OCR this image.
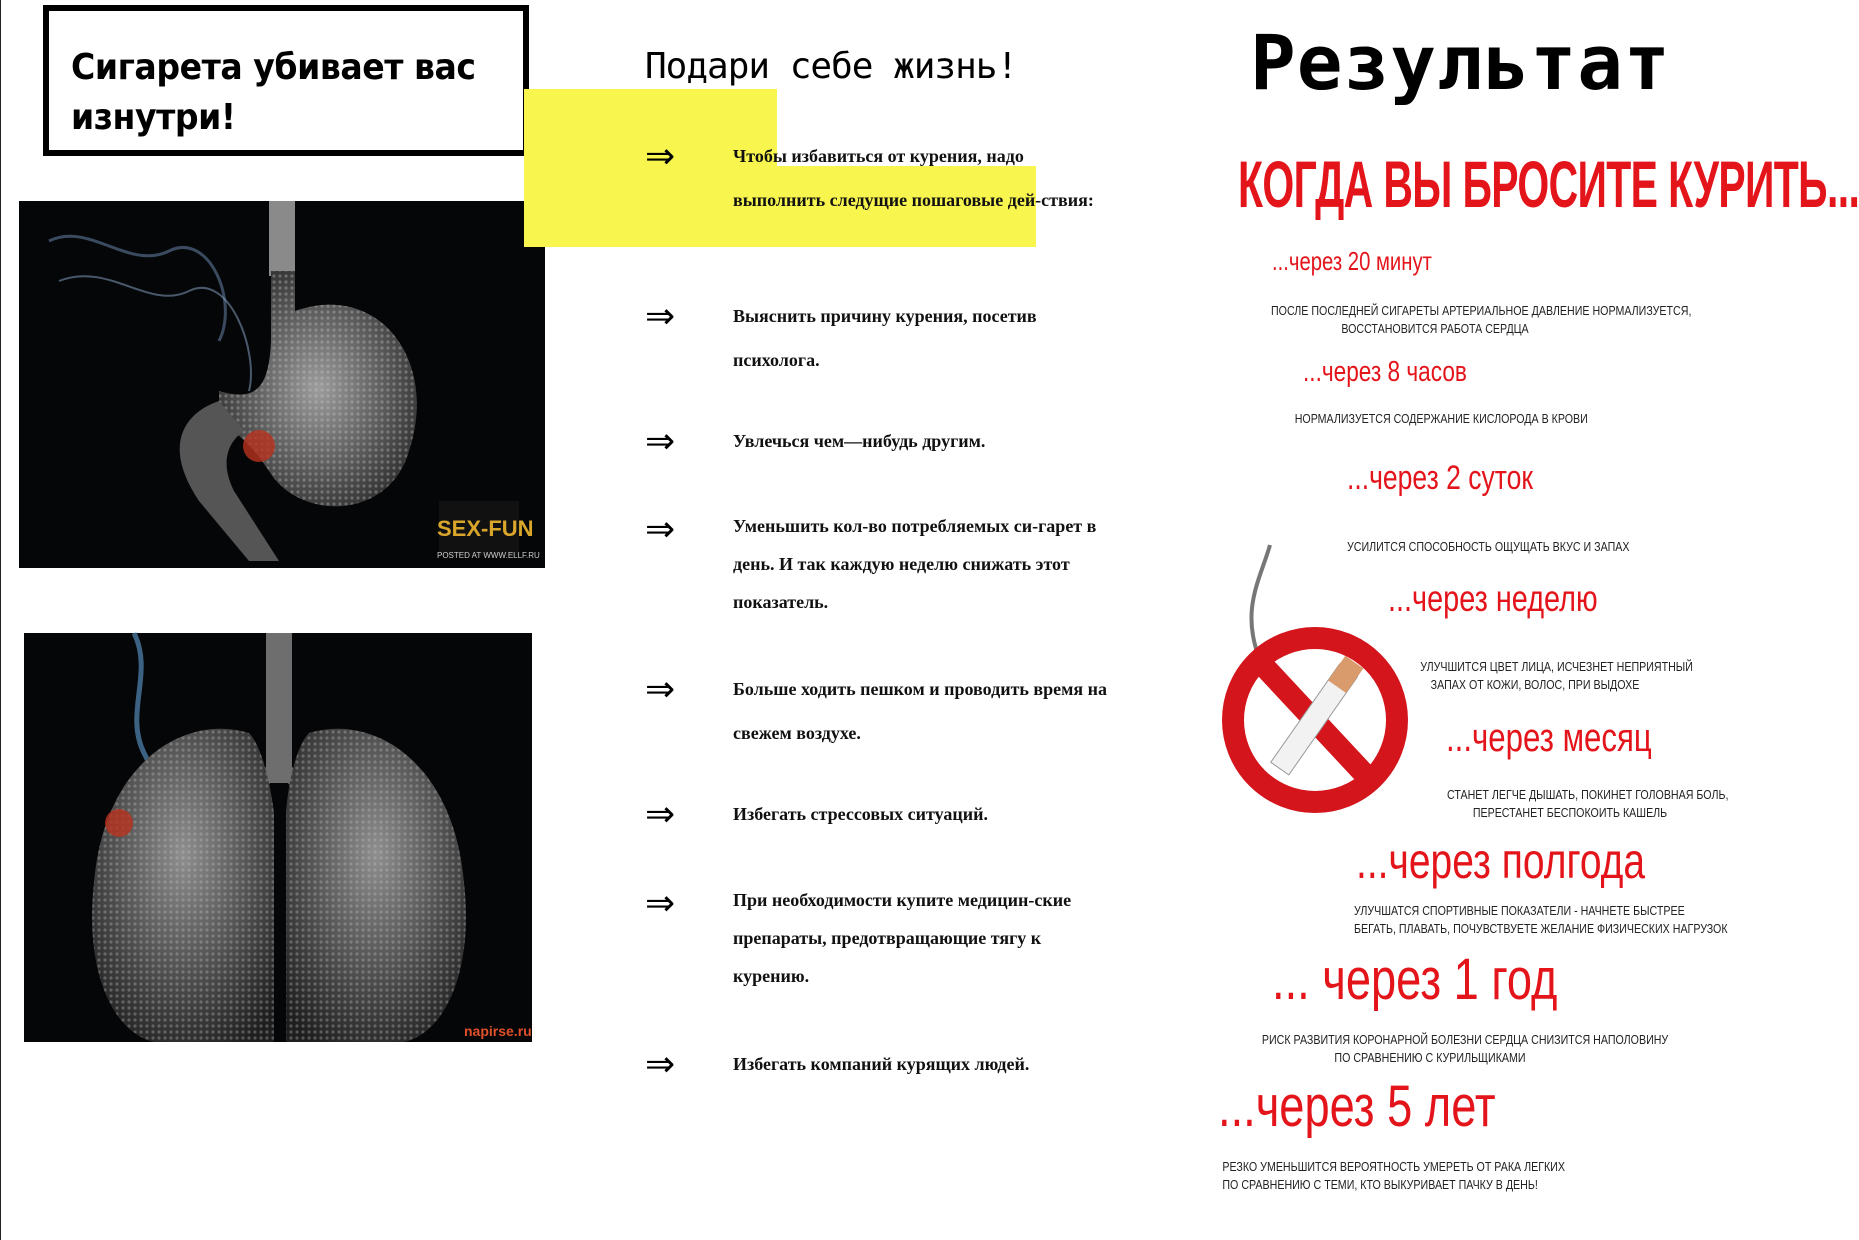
Сигарета убивает вас изнутри!
SEX-FUN
POSTED AT WWW.ELLF.RU
napirse.ru
Подари себе жизнь!
⇒	Чтобы избавиться от курения, надо выполнить следущие пошаговые дей-ствия:
⇒	Выяснить причину курения, посетив психолога.
⇒	Увлечься чем—нибудь другим.
⇒	Уменьшить кол-во потребляемых си-гарет в день. И так каждую неделю снижать этот показатель.
⇒	Больше ходить пешком и проводить время на свежем воздухе.
⇒	Избегать стрессовых ситуаций.
⇒	При необходимости купите медицин-ские препараты, предотвращающие тягу к курению.
⇒	Избегать компаний курящих людей.
Результат
КОГДА ВЫ БРОСИТЕ КУРИТЬ...
...через 20 минут
ПОСЛЕ ПОСЛЕДНЕЙ СИГАРЕТЫ АРТЕРИАЛЬНОЕ ДАВЛЕНИЕ НОРМАЛИЗУЕТСЯ,
ВОССТАНОВИТСЯ РАБОТА СЕРДЦА
...через 8 часов
НОРМАЛИЗУЕТСЯ СОДЕРЖАНИЕ КИСЛОРОДА В КРОВИ
...через 2 суток
УСИЛИТСЯ СПОСОБНОСТЬ ОЩУЩАТЬ ВКУС И ЗАПАХ
...через неделю
УЛУЧШИТСЯ ЦВЕТ ЛИЦА, ИСЧЕЗНЕТ НЕПРИЯТНЫЙ
ЗАПАХ ОТ КОЖИ, ВОЛОС, ПРИ ВЫДОХЕ
...через месяц
СТАНЕТ ЛЕГЧЕ ДЫШАТЬ, ПОКИНЕТ ГОЛОВНАЯ БОЛЬ,
ПЕРЕСТАНЕТ БЕСПОКОИТЬ КАШЕЛЬ
...через полгода
УЛУЧШАТСЯ СПОРТИВНЫЕ ПОКАЗАТЕЛИ - НАЧНЕТЕ БЫСТРЕЕ
БЕГАТЬ, ПЛАВАТЬ, ПОЧУВСТВУЕТЕ ЖЕЛАНИЕ ФИЗИЧЕСКИХ НАГРУЗОК
... через 1 год
РИСК РАЗВИТИЯ КОРОНАРНОЙ БОЛЕЗНИ СЕРДЦА СНИЗИТСЯ НАПОЛОВИНУ
ПО СРАВНЕНИЮ С КУРИЛЬЩИКАМИ
...через 5 лет
РЕЗКО УМЕНЬШИТСЯ ВЕРОЯТНОСТЬ УМЕРЕТЬ ОТ РАКА ЛЕГКИХ
ПО СРАВНЕНИЮ С ТЕМИ, КТО ВЫКУРИВАЕТ ПАЧКУ В ДЕНЬ!
